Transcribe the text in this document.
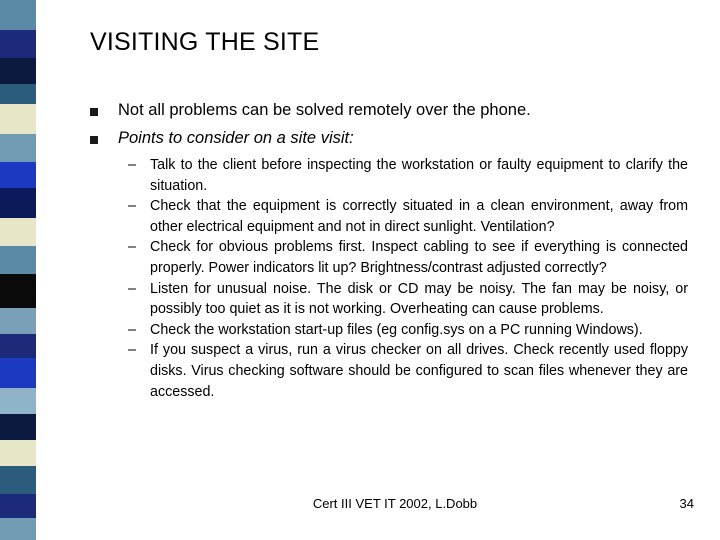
VISITING THE SITE
Not all problems can be solved remotely over the phone.
Points to consider on a site visit:
– Talk to the client before inspecting the workstation or faulty equipment to clarify the situation.
– Check that the equipment is correctly situated in a clean environment, away from other electrical equipment and not in direct sunlight. Ventilation?
– Check for obvious problems first. Inspect cabling to see if everything is connected properly. Power indicators lit up? Brightness/contrast adjusted correctly?
– Listen for unusual noise. The disk or CD may be noisy. The fan may be noisy, or possibly too quiet as it is not working. Overheating can cause problems.
– Check the workstation start-up files (eg config.sys on a PC running Windows).
– If you suspect a virus, run a virus checker on all drives. Check recently used floppy disks. Virus checking software should be configured to scan files whenever they are accessed.
Cert III VET IT 2002, L.Dobb	34
